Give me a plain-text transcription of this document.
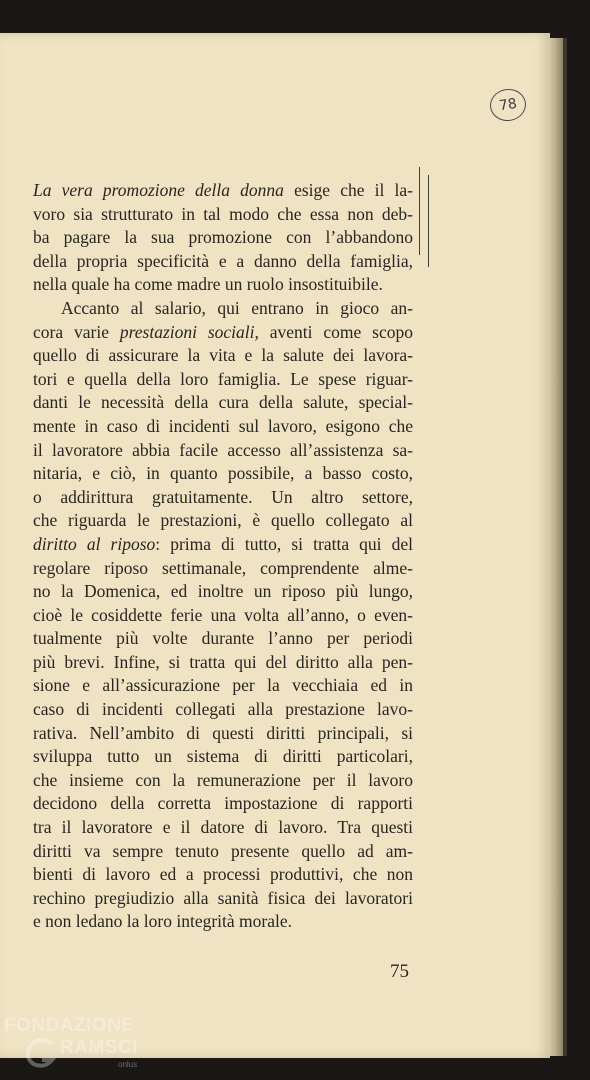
78
La vera promozione della donna esige che il la-
voro sia strutturato in tal modo che essa non deb-
ba pagare la sua promozione con l’abbandono
della propria specificità e a danno della famiglia,
nella quale ha come madre un ruolo insostituibile.
Accanto al salario, qui entrano in gioco an-
cora varie prestazioni sociali, aventi come scopo
quello di assicurare la vita e la salute dei lavora-
tori e quella della loro famiglia. Le spese riguar-
danti le necessità della cura della salute, special-
mente in caso di incidenti sul lavoro, esigono che
il lavoratore abbia facile accesso all’assistenza sa-
nitaria, e ciò, in quanto possibile, a basso costo,
o addirittura gratuitamente. Un altro settore,
che riguarda le prestazioni, è quello collegato al
diritto al riposo: prima di tutto, si tratta qui del
regolare riposo settimanale, comprendente almе-
no la Domenica, ed inoltre un riposo più lungo,
cioè le cosiddette ferie una volta all’anno, o even-
tualmente più volte durante l’anno per periodi
più brevi. Infine, si tratta qui del diritto alla pen-
sione e all’assicurazione per la vecchiaia ed in
caso di incidenti collegati alla prestazione lavo-
rativa. Nell’ambito di questi diritti principali, si
sviluppa tutto un sistema di diritti particolari,
che insieme con la remunerazione per il lavoro
decidono della corretta impostazione di rapporti
tra il lavoratore e il datore di lavoro. Tra questi
diritti va sempre tenuto presente quello ad am-
bienti di lavoro ed a processi produttivi, che non
rechino pregiudizio alla sanità fisica dei lavoratori
e non ledano la loro integrità morale.
75
FONDAZIONE
RAMSCI
onlus
